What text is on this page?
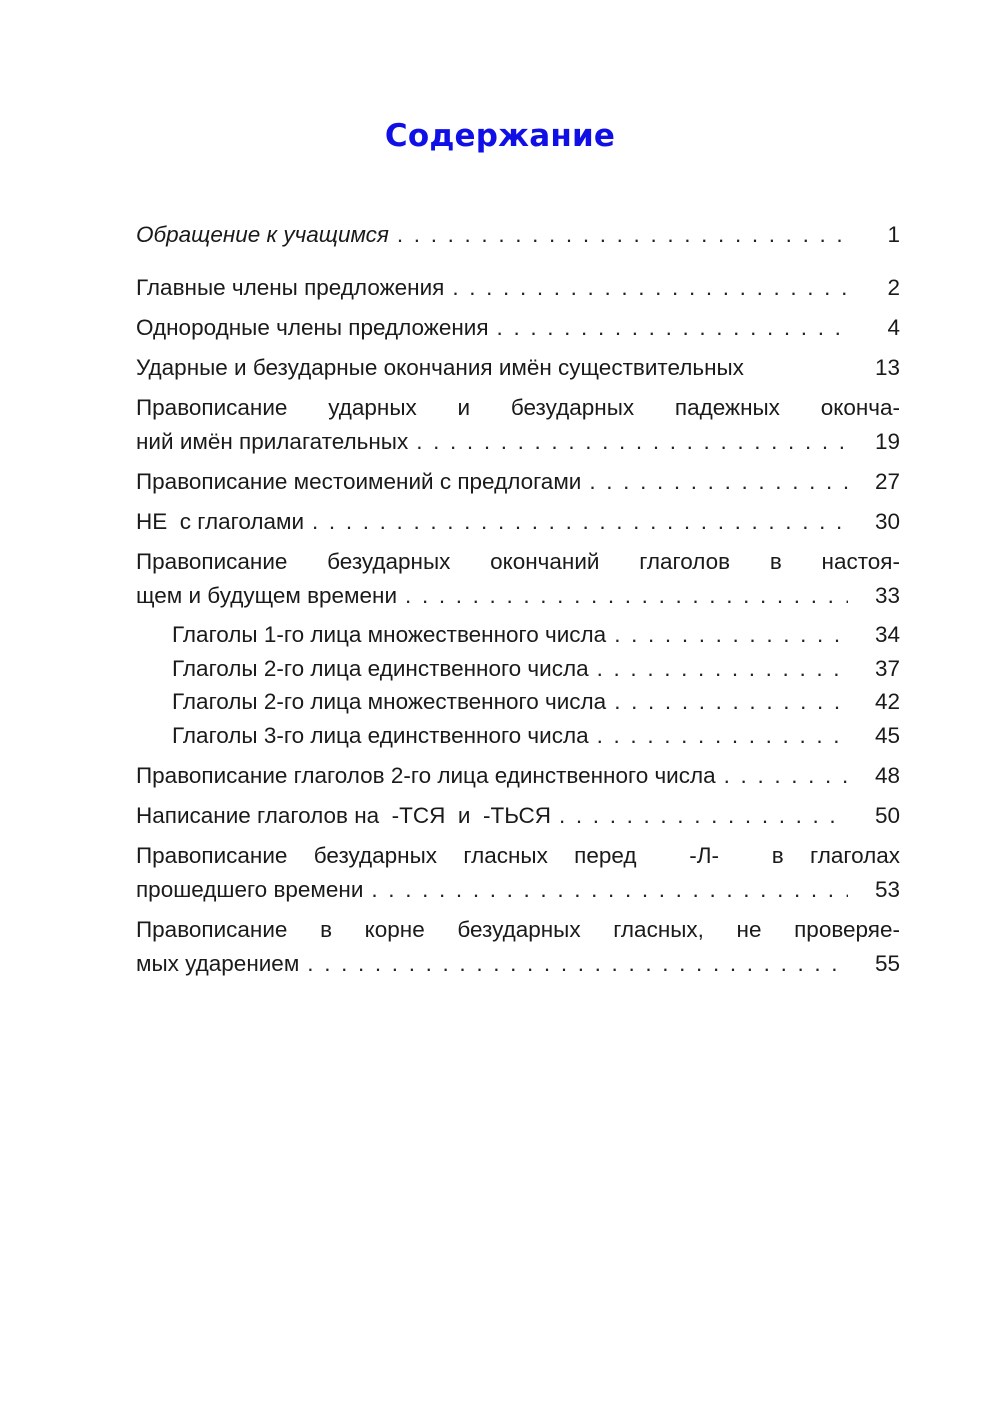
Содержание
Обращение к учащимся . . .	1
Главные члены предложения . . .	2
Однородные члены предложения . . .	4
Ударные и безударные окончания имён существительных	13
Правописание ударных и безударных падежных оконча-
ний имён прилагательных . . .	19
Правописание местоимений с предлогами . . .	27
НЕ  с глаголами . . .	30
Правописание безударных окончаний глаголов в настоя-
щем и будущем времени . . .	33
Глаголы 1-го лица множественного числа . . .	34
Глаголы 2-го лица единственного числа . . .	37
Глаголы 2-го лица множественного числа . . .	42
Глаголы 3-го лица единственного числа . . .	45
Правописание глаголов 2-го лица единственного числа . . .	48
Написание глаголов на  -ТСЯ  и  -ТЬСЯ . . .	50
Правописание безударных гласных перед  -Л-  в глаголах
прошедшего времени . . .	53
Правописание в корне безударных гласных, не проверяе-
мых ударением . . .	55
